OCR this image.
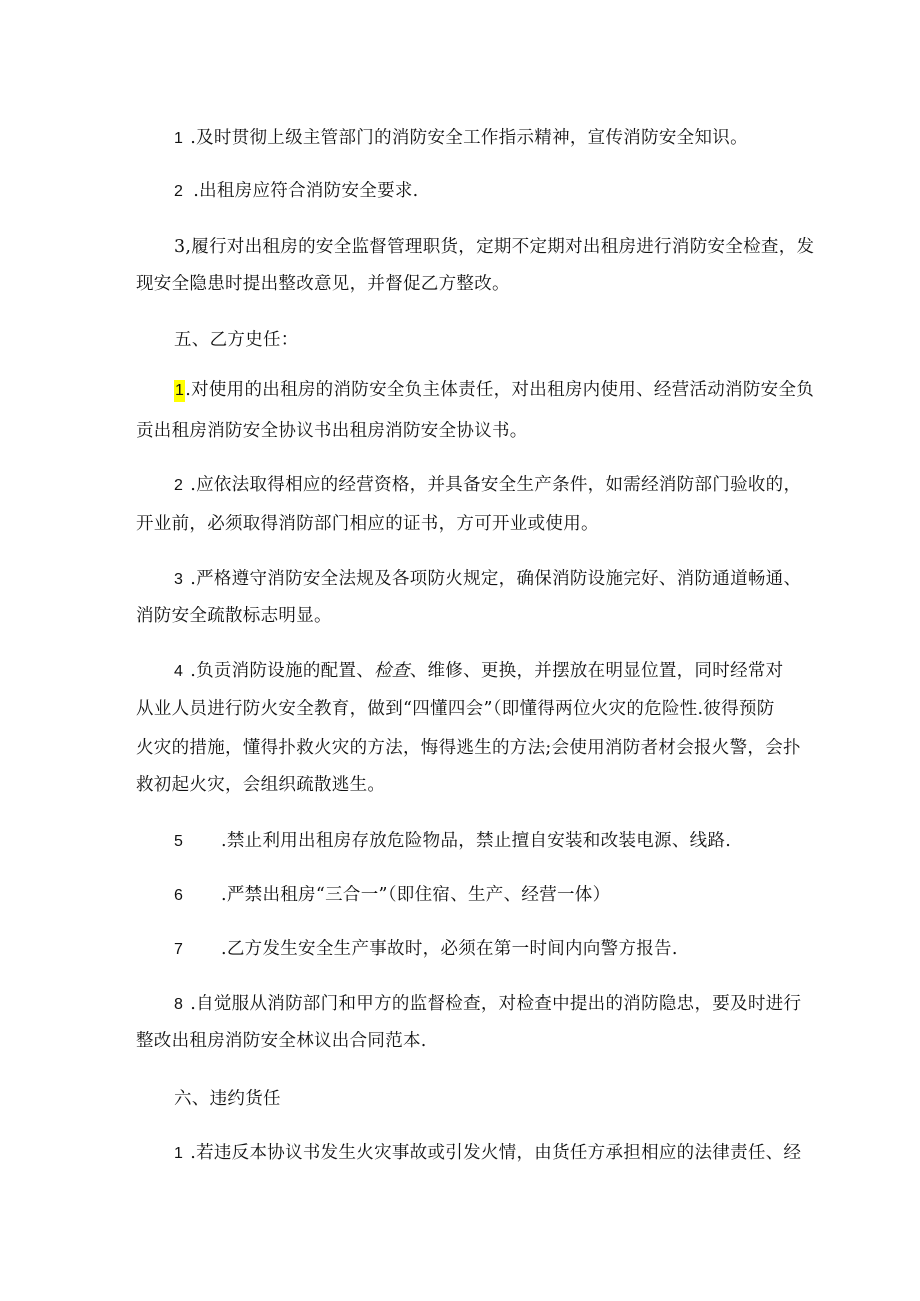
1 .及时贯彻上级主管部门的消防安全工作指示精神，宣传消防安全知识。
2 .出租房应符合消防安全要求.
3,履行对出租房的安全监督管理职货，定期不定期对出租房进行消防安全检查，发
现安全隐患时提出整改意见，并督促乙方整改。
五、乙方史任：
1.对使用的出租房的消防安全负主体责任，对出租房内使用、经营活动消防安全负
贡出租房消防安全协议书出租房消防安全协议书。
2 .应依法取得相应的经营资格，并具备安全生产条件，如需经消防部门验收的，
开业前，必须取得消防部门相应的证书，方可开业或使用。
3 .严格遵守消防安全法规及各项防火规定，确保消防设施完好、消防通道畅通、
消防安全疏散标志明显。
4 .负贡消防设施的配置、检查、维修、更换，并摆放在明显位置，同时经常对
从业人员进行防火安全教育，做到“四懂四会”（即懂得两位火灾的危险性.彼得预防
火灾的措施，懂得扑救火灾的方法，悔得逃生的方法;会使用消防者材会报火警，会扑
救初起火灾，会组织疏散逃生。
5 .禁止利用出租房存放危险物品，禁止擅自安装和改装电源、线路.
6 .严禁出租房“三合一”（即住宿、生产、经营一体）
7 .乙方发生安全生产事故时，必须在第一时间内向警方报告.
8 .自觉服从消防部门和甲方的监督检查，对检查中提出的消防隐忠，要及时进行
整改出租房消防安全林议出合同范本.
六、违约货任
1 .若违反本协议书发生火灾事故或引发火情，由货任方承担相应的法律责任、经
